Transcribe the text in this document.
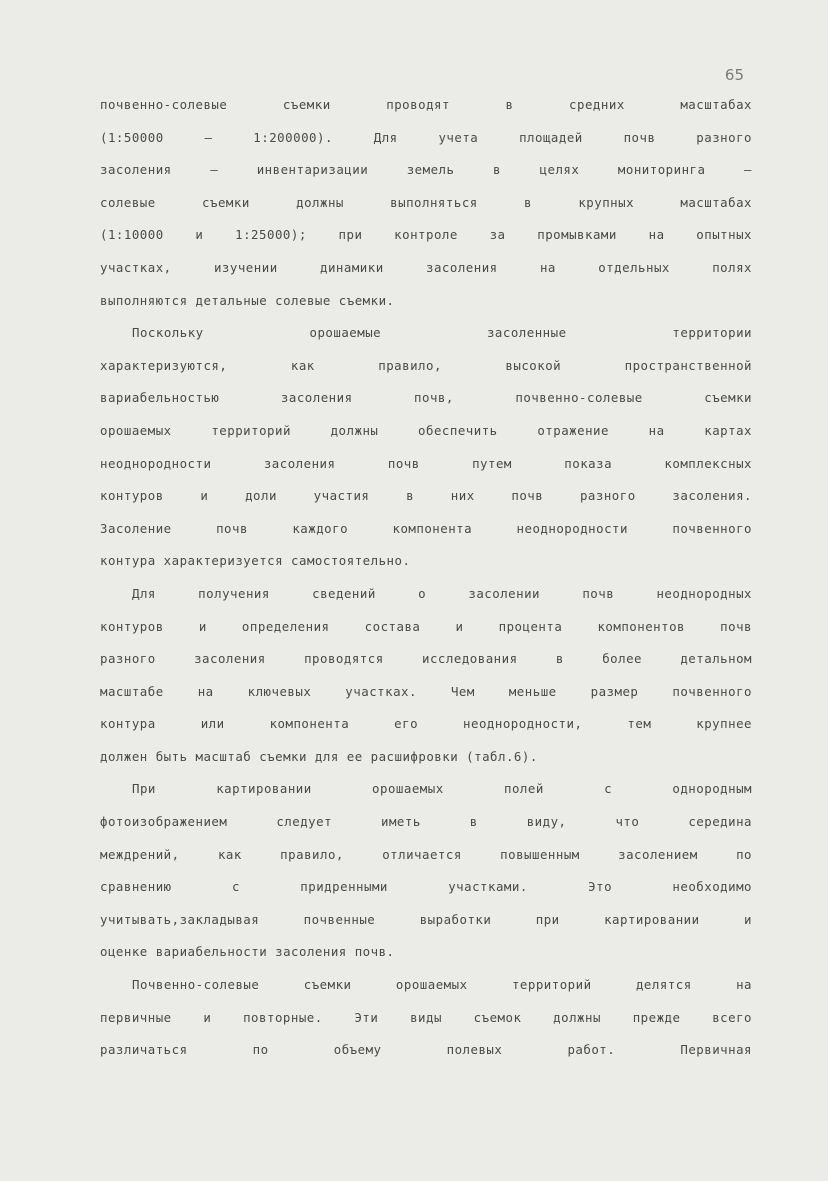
65
почвенно-солевые съемки проводят в средних масштабах
(1:50000 – 1:200000). Для учета площадей почв разного
засоления – инвентаризации земель в целях мониторинга –
солевые съемки должны выполняться в крупных масштабах
(1:10000 и 1:25000); при контроле за промывками на опытных
участках, изучении динамики засоления на отдельных полях
выполняются детальные солевые съемки.
Поскольку орошаемые засоленные территории
характеризуются, как правило, высокой пространственной
вариабельностью засоления почв, почвенно-солевые съемки
орошаемых территорий должны обеспечить отражение на картах
неоднородности засоления почв путем показа комплексных
контуров и доли участия в них почв разного засоления.
Засоление почв каждого компонента неоднородности почвенного
контура характеризуется самостоятельно.
Для получения сведений о засолении почв неоднородных
контуров и определения состава и процента компонентов почв
разного засоления проводятся исследования в более детальном
масштабе на ключевых участках. Чем меньше размер почвенного
контура или компонента его неоднородности, тем крупнее
должен быть масштаб съемки для ее расшифровки (табл.6).
При картировании орошаемых полей с однородным
фотоизображением следует иметь в виду, что середина
междрений, как правило, отличается повышенным засолением по
сравнению с придренными участками. Это необходимо
учитывать,закладывая почвенные выработки при картировании и
оценке вариабельности засоления почв.
Почвенно-солевые съемки орошаемых территорий делятся на
первичные и повторные. Эти виды съемок должны прежде всего
различаться по объему полевых работ. Первичная
